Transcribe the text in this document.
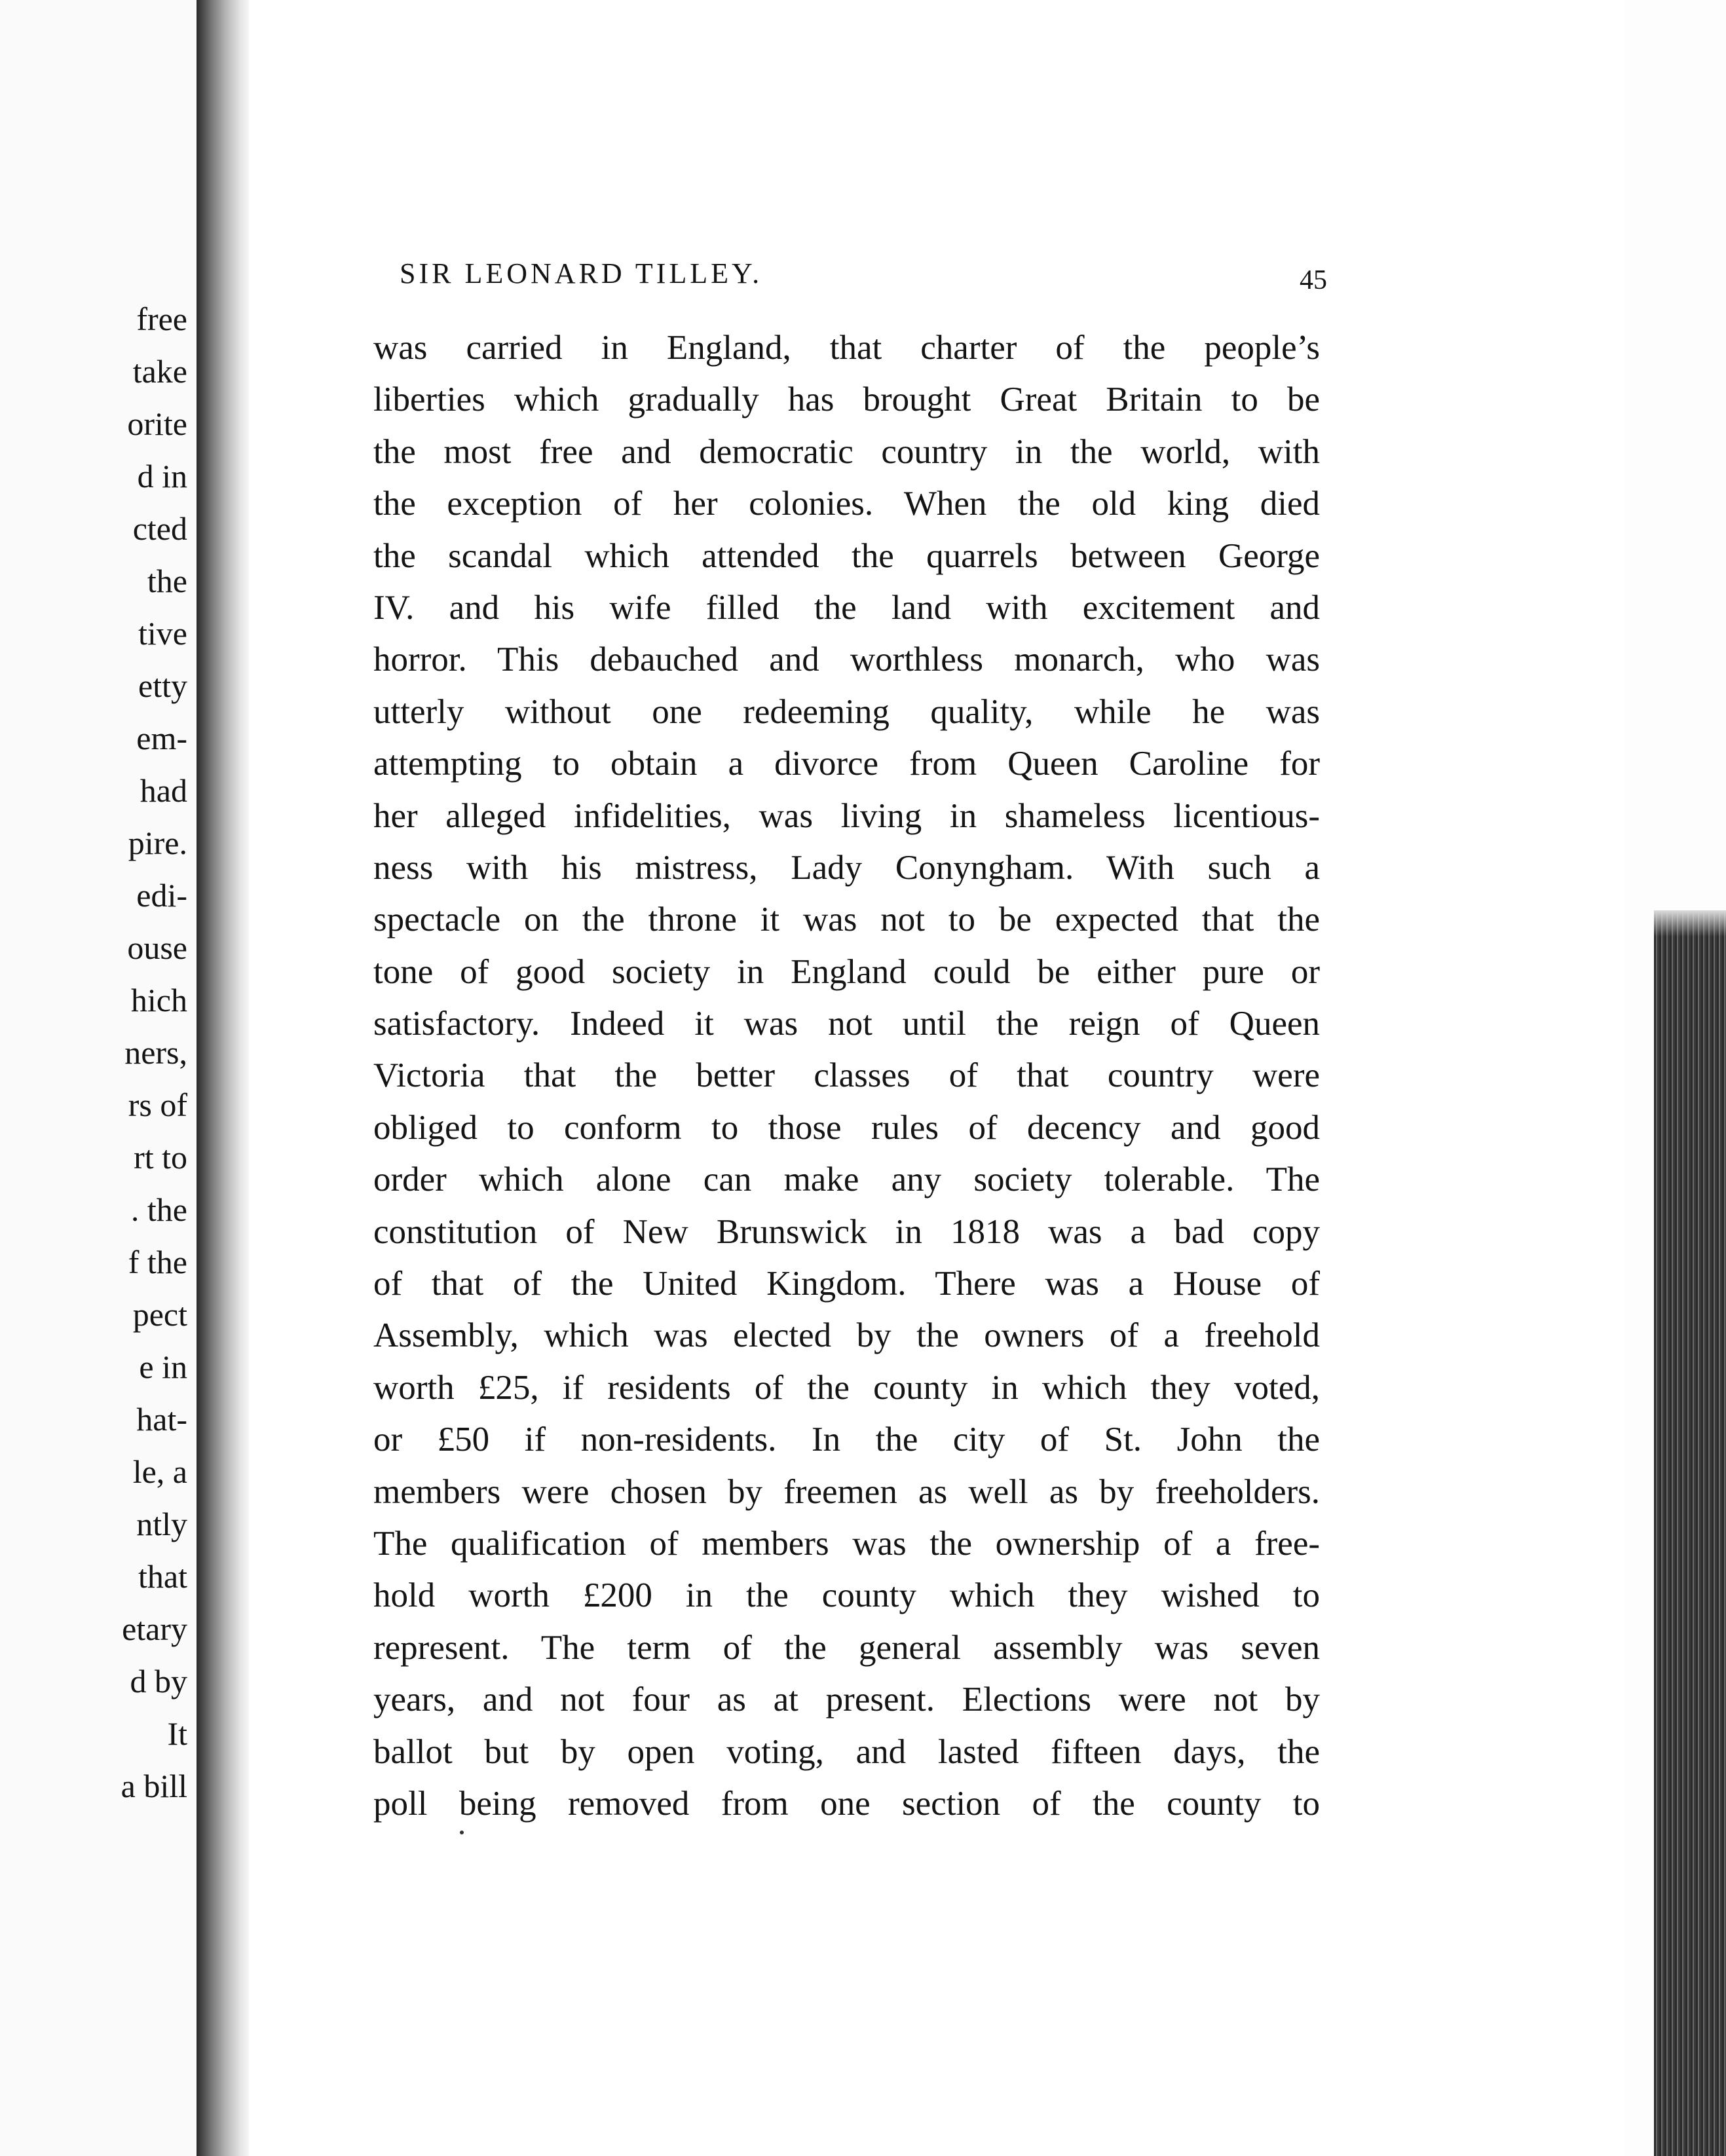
free
take
orite
d in
cted
the
tive
etty
em-
had
pire.
edi-
ouse
hich
ners,
rs of
rt to
. the
f the
pect
e in
hat-
le, a
ntly
that
etary
d by
It
a bill
SIR LEONARD TILLEY.	45
was carried in England, that charter of the people’s
liberties which gradually has brought Great Britain to be
the most free and democratic country in the world, with
the exception of her colonies. When the old king died
the scandal which attended the quarrels between George
IV. and his wife filled the land with excitement and
horror. This debauched and worthless monarch, who was
utterly without one redeeming quality, while he was
attempting to obtain a divorce from Queen Caroline for
her alleged infidelities, was living in shameless licentious-
ness with his mistress, Lady Conyngham. With such a
spectacle on the throne it was not to be expected that the
tone of good society in England could be either pure or
satisfactory. Indeed it was not until the reign of Queen
Victoria that the better classes of that country were
obliged to conform to those rules of decency and good
order which alone can make any society tolerable. The
constitution of New Brunswick in 1818 was a bad copy
of that of the United Kingdom. There was a House of
Assembly, which was elected by the owners of a freehold
worth £25, if residents of the county in which they voted,
or £50 if non-residents. In the city of St. John the
members were chosen by freemen as well as by freeholders.
The qualification of members was the ownership of a free-
hold worth £200 in the county which they wished to
represent. The term of the general assembly was seven
years, and not four as at present. Elections were not by
ballot but by open voting, and lasted fifteen days, the
poll being removed from one section of the county to
